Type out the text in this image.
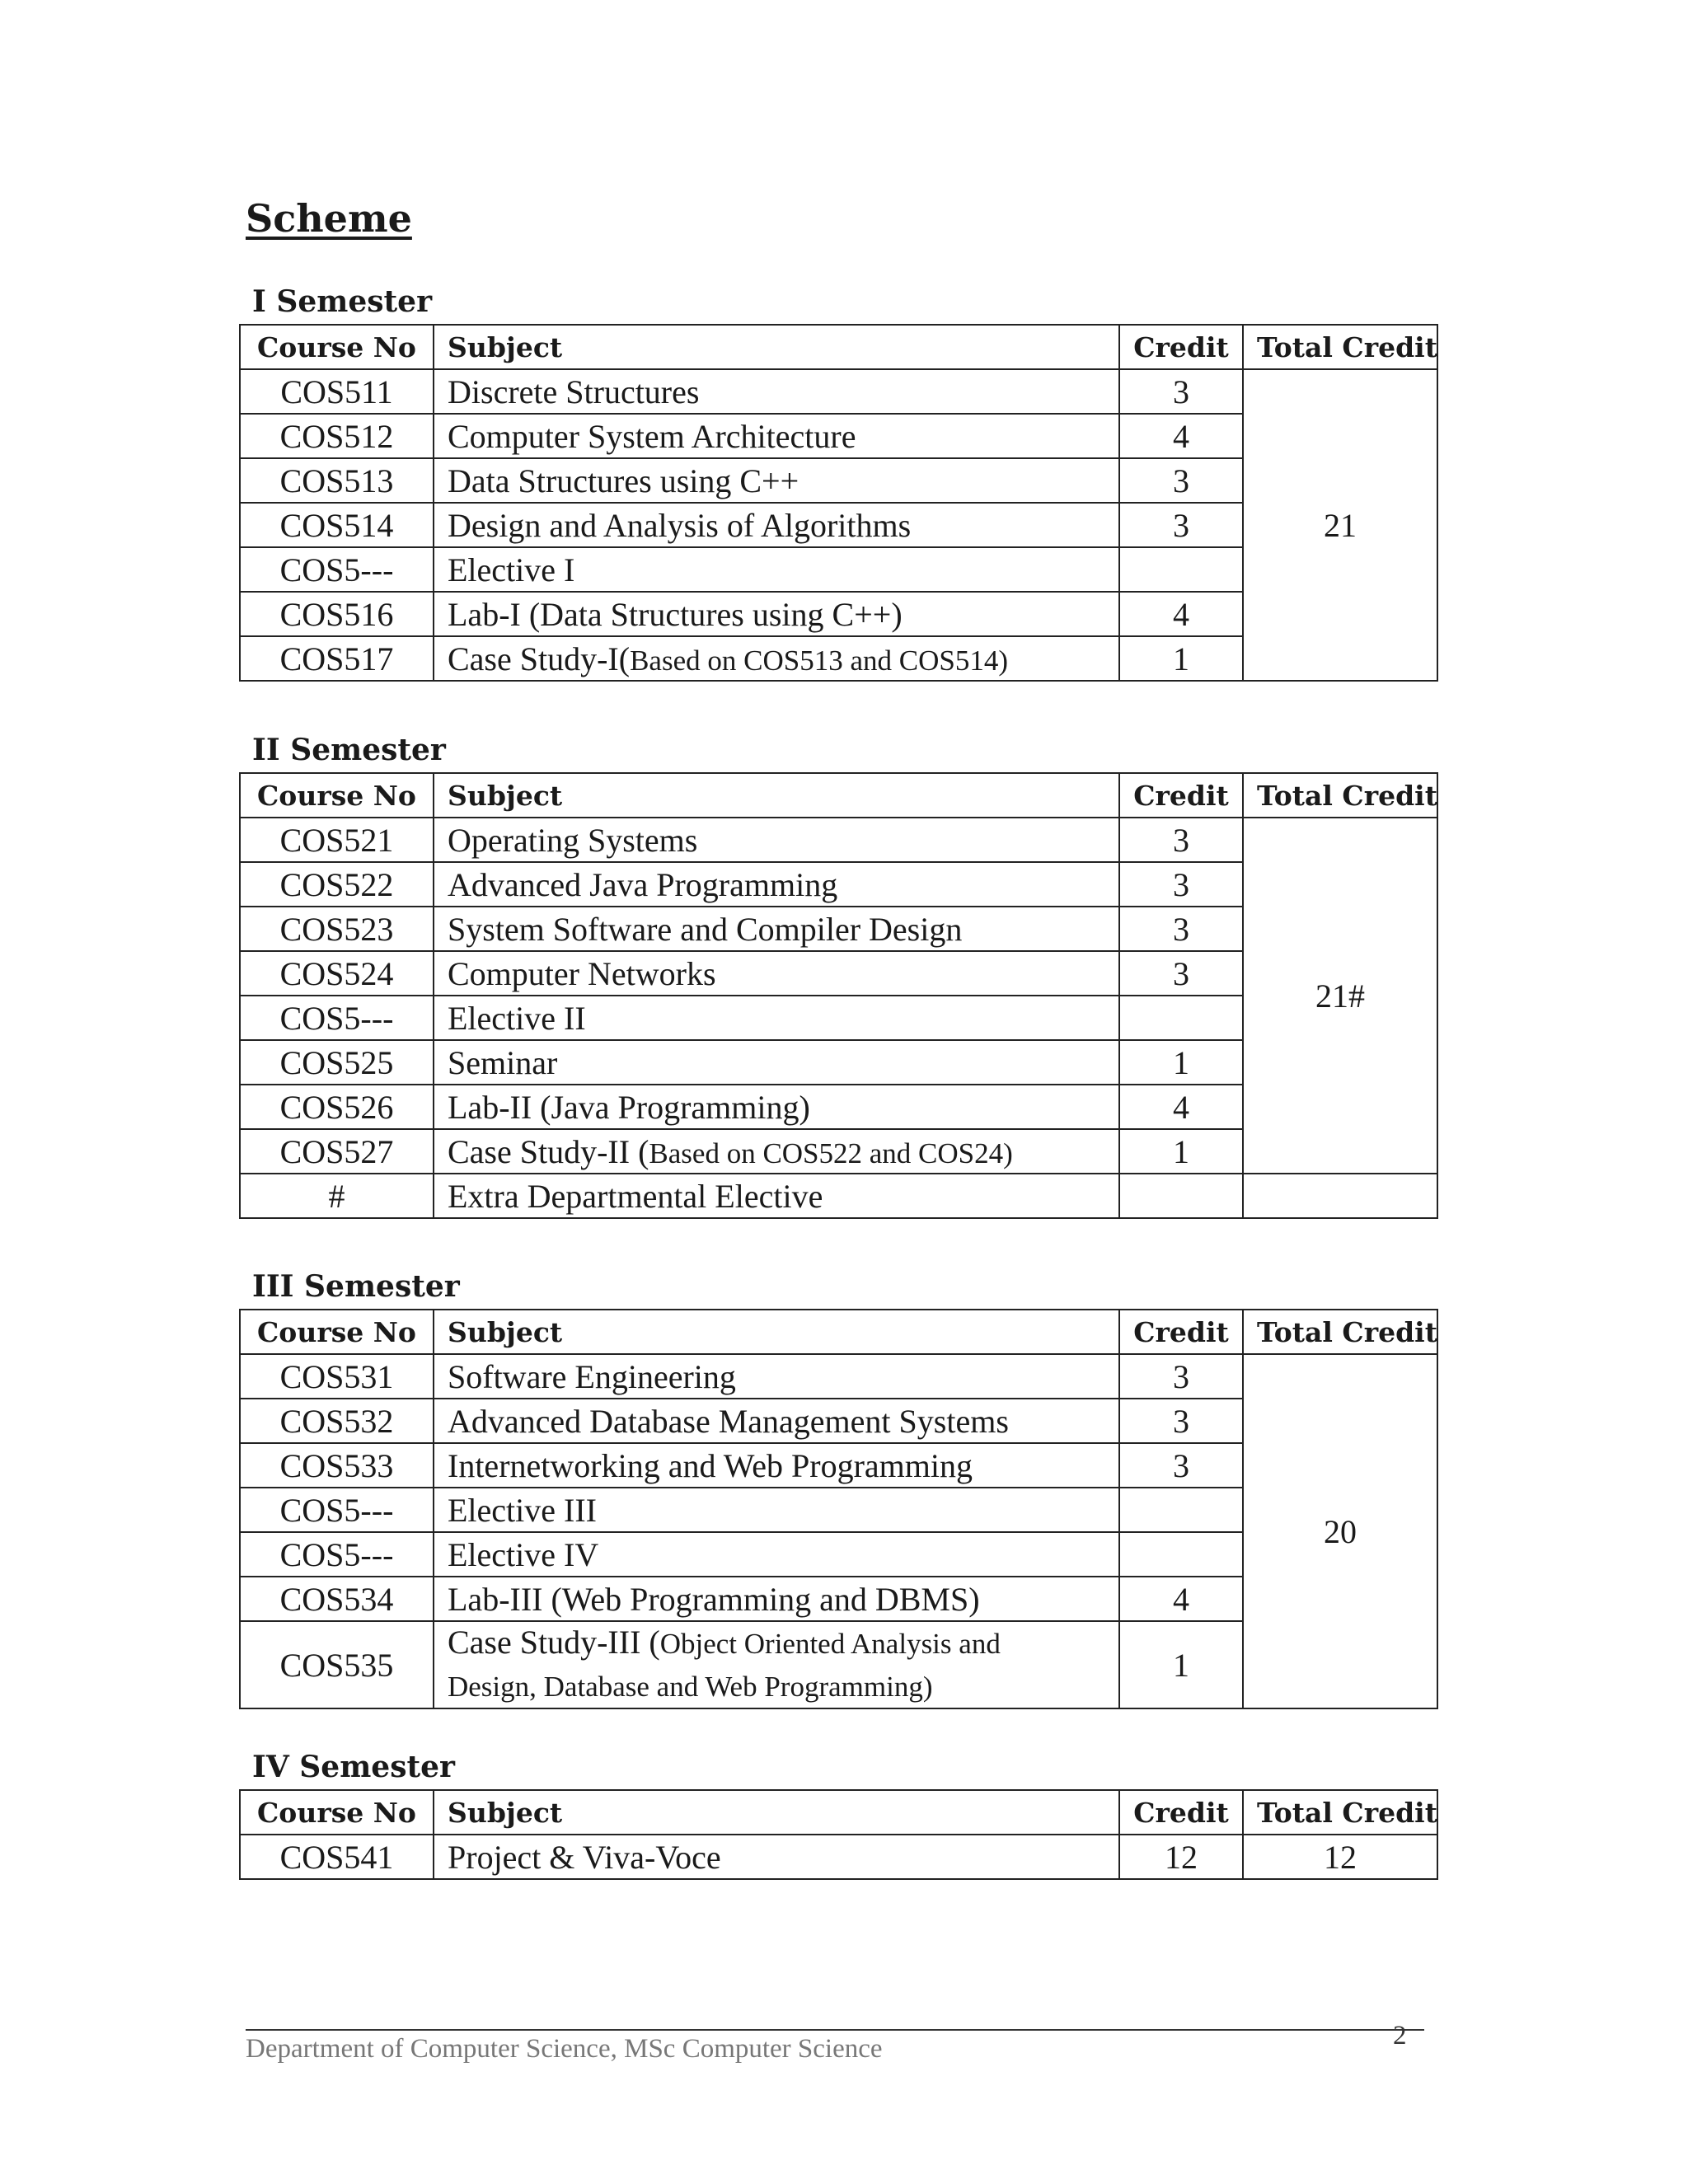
Scheme
I Semester
Course No	Subject	Credit	Total Credit
COS511	Discrete Structures	3	21
COS512	Computer System Architecture	4	
COS513	Data Structures using C++	3	
COS514	Design and Analysis of Algorithms	3	
COS5---	Elective I		
COS516	Lab-I (Data Structures using C++)	4	
COS517	Case Study-I(Based on COS513 and COS514)	1	
II Semester
Course No	Subject	Credit	Total Credit
COS521	Operating Systems	3	21#
COS522	Advanced Java Programming	3	
COS523	System Software and Compiler Design	3	
COS524	Computer Networks	3	
COS5---	Elective II		
COS525	Seminar	1	
COS526	Lab-II (Java Programming)	4	
COS527	Case Study-II (Based on COS522 and COS24)	1	
#	Extra Departmental Elective		
III Semester
Course No	Subject	Credit	Total Credit
COS531	Software Engineering	3	20
COS532	Advanced Database Management Systems	3	
COS533	Internetworking and Web Programming	3	
COS5---	Elective III		
COS5---	Elective IV		
COS534	Lab-III (Web Programming and DBMS)	4	
COS535	Case Study-III (Object Oriented Analysis and
Design, Database and Web Programming)	1	
IV Semester
Course No	Subject	Credit	Total Credit
COS541	Project & Viva-Voce	12	12
Department of Computer Science, MSc Computer Science	2
